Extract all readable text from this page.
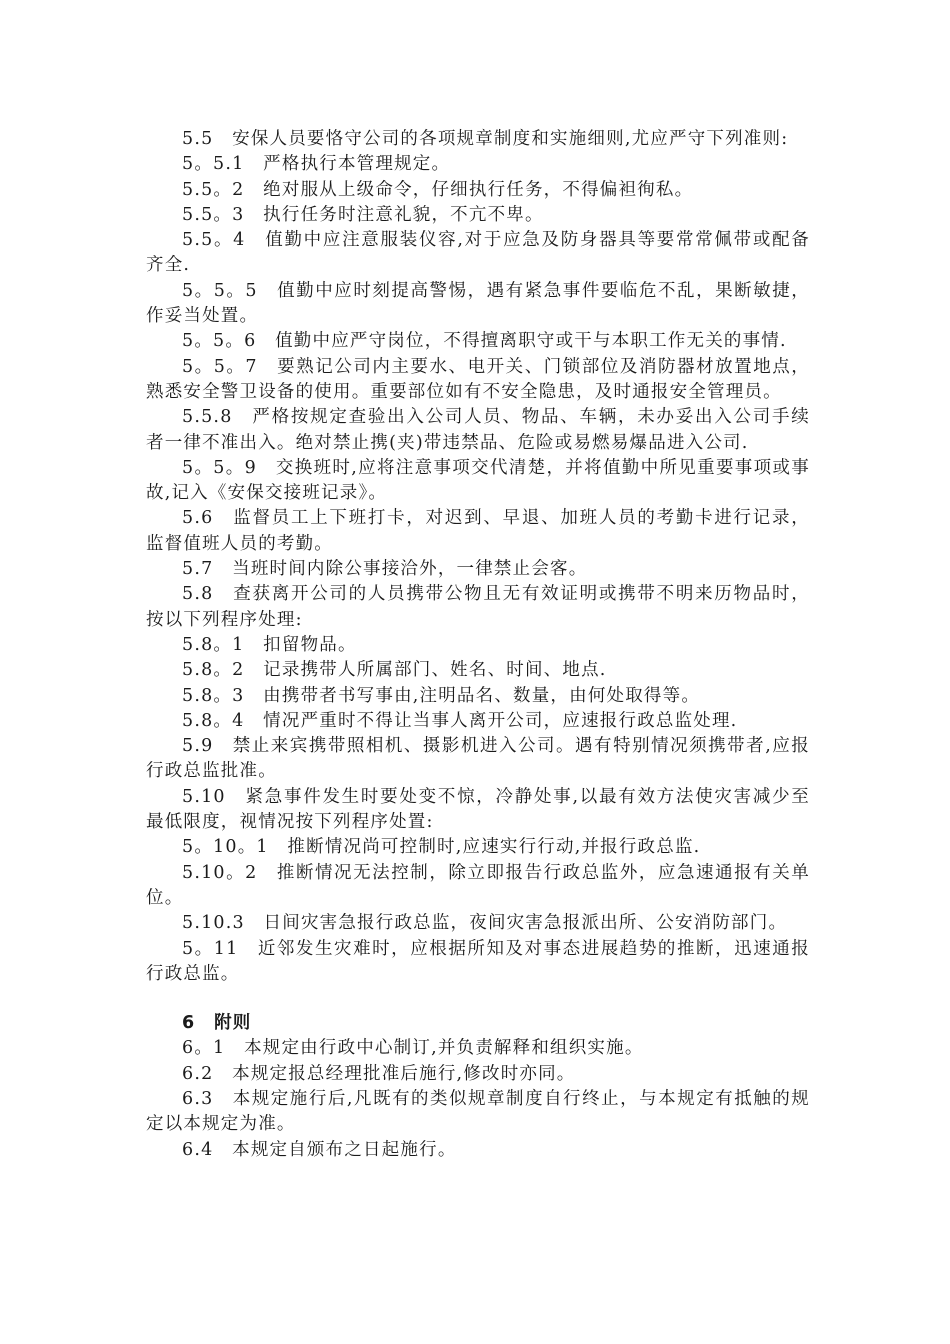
5.5　安保人员要恪守公司的各项规章制度和实施细则,尤应严守下列准则:

5。5.1　严格执行本管理规定。

5.5。2　绝对服从上级命令，仔细执行任务，不得偏袒徇私。

5.5。3　执行任务时注意礼貌，不亢不卑。

5.5。4　值勤中应注意服装仪容,对于应急及防身器具等要常常佩带或配备齐全.

5。5。5　值勤中应时刻提高警惕，遇有紧急事件要临危不乱，果断敏捷，作妥当处置。

5。5。6　值勤中应严守岗位，不得擅离职守或干与本职工作无关的事情.

5。5。7　要熟记公司内主要水、电开关、门锁部位及消防器材放置地点，熟悉安全警卫设备的使用。重要部位如有不安全隐患，及时通报安全管理员。

5.5.8　严格按规定查验出入公司人员、物品、车辆，未办妥出入公司手续者一律不准出入。绝对禁止携(夹)带违禁品、危险或易燃易爆品进入公司.

5。5。9　交换班时,应将注意事项交代清楚，并将值勤中所见重要事项或事故,记入《安保交接班记录》。

5.6　监督员工上下班打卡，对迟到、早退、加班人员的考勤卡进行记录，监督值班人员的考勤。

5.7　当班时间内除公事接洽外，一律禁止会客。

5.8　查获离开公司的人员携带公物且无有效证明或携带不明来历物品时，按以下列程序处理:

5.8。1　扣留物品。

5.8。2　记录携带人所属部门、姓名、时间、地点.

5.8。3　由携带者书写事由,注明品名、数量，由何处取得等。

5.8。4　情况严重时不得让当事人离开公司，应速报行政总监处理.

5.9　禁止来宾携带照相机、摄影机进入公司。遇有特别情况须携带者,应报行政总监批准。

5.10　紧急事件发生时要处变不惊，冷静处事,以最有效方法使灾害减少至最低限度，视情况按下列程序处置:

5。10。1　推断情况尚可控制时,应速实行行动,并报行政总监.

5.10。2　推断情况无法控制，除立即报告行政总监外，应急速通报有关单位。

5.10.3　日间灾害急报行政总监，夜间灾害急报派出所、公安消防部门。

5。11　近邻发生灾难时，应根据所知及对事态进展趋势的推断，迅速通报行政总监。

6　附则

6。1　本规定由行政中心制订,并负责解释和组织实施。

6.2　本规定报总经理批准后施行,修改时亦同。

6.3　本规定施行后,凡既有的类似规章制度自行终止，与本规定有抵触的规定以本规定为准。

6.4　本规定自颁布之日起施行。
